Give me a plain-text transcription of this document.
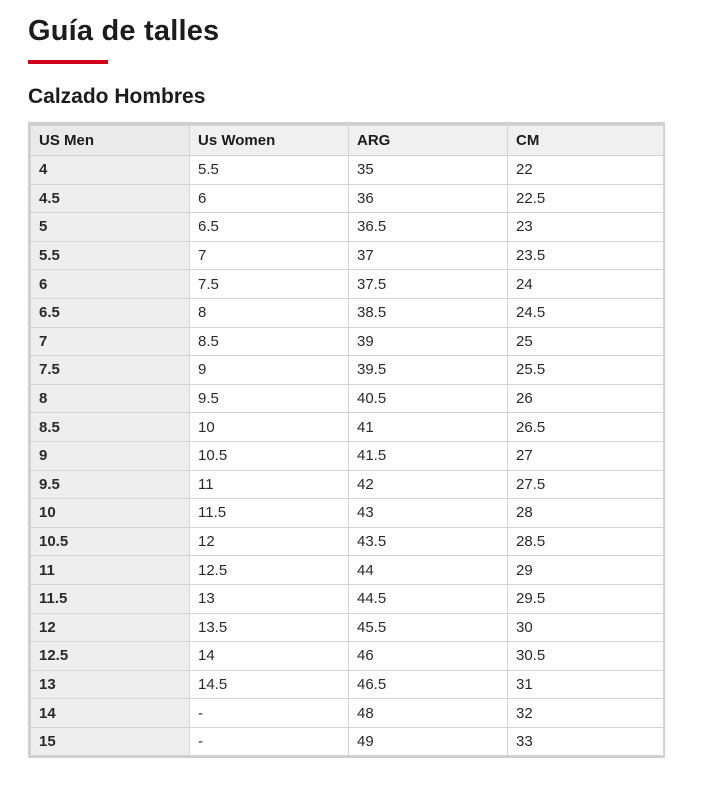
Guía de talles
Calzado Hombres
US Men	Us Women	ARG	CM
4	5.5	35	22
4.5	6	36	22.5
5	6.5	36.5	23
5.5	7	37	23.5
6	7.5	37.5	24
6.5	8	38.5	24.5
7	8.5	39	25
7.5	9	39.5	25.5
8	9.5	40.5	26
8.5	10	41	26.5
9	10.5	41.5	27
9.5	11	42	27.5
10	11.5	43	28
10.5	12	43.5	28.5
11	12.5	44	29
11.5	13	44.5	29.5
12	13.5	45.5	30
12.5	14	46	30.5
13	14.5	46.5	31
14	-	48	32
15	-	49	33
